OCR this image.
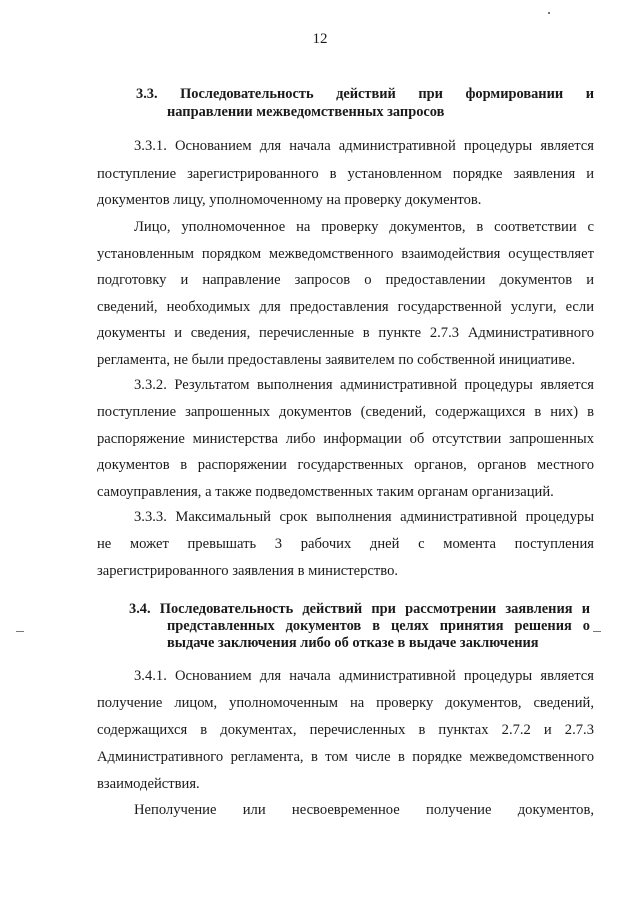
12
3.3. Последовательность действий при формировании и
направлении межведомственных запросов
3.3.1. Основанием для начала административной процедуры является
поступление зарегистрированного в установленном порядке заявления и
документов лицу, уполномоченному на проверку документов.
Лицо, уполномоченное на проверку документов, в соответствии с
установленным порядком межведомственного взаимодействия осуществляет
подготовку и направление запросов о предоставлении документов и
сведений, необходимых для предоставления государственной услуги, если
документы и сведения, перечисленные в пункте 2.7.3 Административного
регламента, не были предоставлены заявителем по собственной инициативе.
3.3.2. Результатом выполнения административной процедуры является
поступление запрошенных документов (сведений, содержащихся в них) в
распоряжение министерства либо информации об отсутствии запрошенных
документов в распоряжении государственных органов, органов местного
самоуправления, а также подведомственных таким органам организаций.
3.3.3. Максимальный срок выполнения административной процедуры
не может превышать 3 рабочих дней с момента поступления
зарегистрированного заявления в министерство.
3.4. Последовательность действий при рассмотрении заявления и
представленных документов в целях принятия решения о
выдаче заключения либо об отказе в выдаче заключения
3.4.1. Основанием для начала административной процедуры является
получение лицом, уполномоченным на проверку документов, сведений,
содержащихся в документах, перечисленных в пунктах 2.7.2 и 2.7.3
Административного регламента, в том числе в порядке межведомственного
взаимодействия.
Неполучение или несвоевременное получение документов,
